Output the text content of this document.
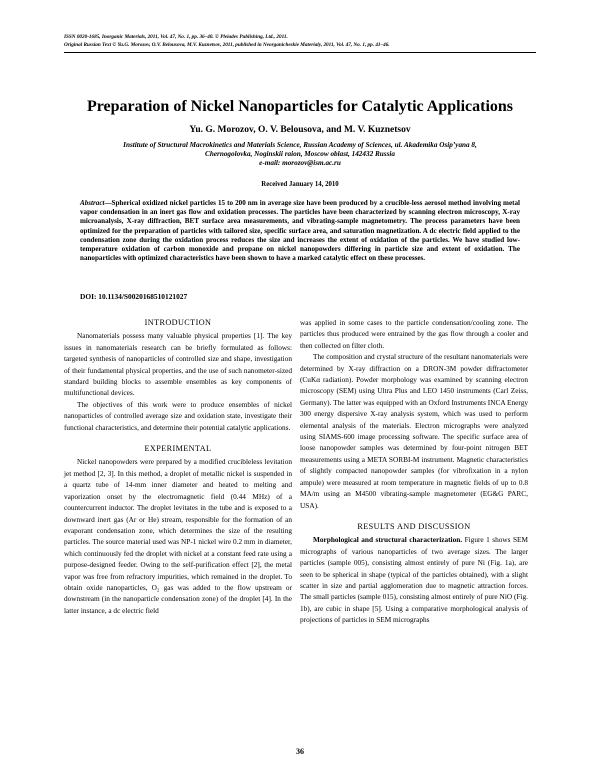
ISSN 0020-1685, Inorganic Materials, 2011, Vol. 47, No. 1, pp. 36–40. © Pleiades Publishing, Ltd., 2011.
Original Russian Text © Yu.G. Morozov, O.V. Belousova, M.V. Kuznetsov, 2011, published in Neorganicheskie Materialy, 2011, Vol. 47, No. 1, pp. 41–46.
Preparation of Nickel Nanoparticles for Catalytic Applications
Yu. G. Morozov, O. V. Belousova, and M. V. Kuznetsov
Institute of Structural Macrokinetics and Materials Science, Russian Academy of Sciences, ul. Akademika Osip’yana 8,
Chernogolovka, Noginskii raion, Moscow oblast, 142432 Russia
e-mail: morozov@ism.ac.ru
Received January 14, 2010
Abstract—Spherical oxidized nickel particles 15 to 200 nm in average size have been produced by a crucible-less aerosol method involving metal vapor condensation in an inert gas flow and oxidation processes. The particles have been characterized by scanning electron microscopy, X-ray microanalysis, X-ray diffraction, BET surface area measurements, and vibrating-sample magnetometry. The process parameters have been optimized for the preparation of particles with tailored size, specific surface area, and saturation magnetization. A dc electric field applied to the condensation zone during the oxidation process reduces the size and increases the extent of oxidation of the particles. We have studied low-temperature oxidation of carbon monoxide and propane on nickel nanopowders differing in particle size and extent of oxidation. The nanoparticles with optimized characteristics have been shown to have a marked catalytic effect on these processes.
DOI: 10.1134/S0020168510121027
INTRODUCTION

Nanomaterials possess many valuable physical properties [1]. The key issues in nanomaterials research can be briefly formulated as follows: targeted synthesis of nanoparticles of controlled size and shape, investigation of their fundamental physical properties, and the use of such nanometer-sized standard building blocks to assemble ensembles as key components of multifunctional devices.

The objectives of this work were to produce ensembles of nickel nanoparticles of controlled average size and oxidation state, investigate their functional characteristics, and determine their potential catalytic applications.

EXPERIMENTAL

Nickel nanopowders were prepared by a modified crucibleless levitation jet method [2, 3]. In this method, a droplet of metallic nickel is suspended in a quartz tube of 14-mm inner diameter and heated to melting and vaporization onset by the electromagnetic field (0.44 MHz) of a countercurrent inductor. The droplet levitates in the tube and is exposed to a downward inert gas (Ar or He) stream, responsible for the formation of an evaporant condensation zone, which determines the size of the resulting particles. The source material used was NP-1 nickel wire 0.2 mm in diameter, which continuously fed the droplet with nickel at a constant feed rate using a purpose-designed feeder. Owing to the self-purification effect [2], the metal vapor was free from refractory impurities, which remained in the droplet. To obtain oxide nanoparticles, O₂ gas was added to the flow upstream or downstream (in the nanoparticle condensation zone) of the droplet [4]. In the latter instance, a dc electric field

was applied in some cases to the particle condensation/cooling zone. The particles thus produced were entrained by the gas flow through a cooler and then collected on filter cloth.

The composition and crystal structure of the resultant nanomaterials were determined by X-ray diffraction on a DRON-3M powder diffractometer (CuKα radiation). Powder morphology was examined by scanning electron microscopy (SEM) using Ultra Plus and LEO 1450 instruments (Carl Zeiss, Germany). The latter was equipped with an Oxford Instruments INCA Energy 300 energy dispersive X-ray analysis system, which was used to perform elemental analysis of the materials. Electron micrographs were analyzed using SIAMS-600 image processing software. The specific surface area of loose nanopowder samples was determined by four-point nitrogen BET measurements using a META SORBI-M instrument. Magnetic characteristics of slightly compacted nanopowder samples (for vibrofixation in a nylon ampule) were measured at room temperature in magnetic fields of up to 0.8 MA/m using an M4500 vibrating-sample magnetometer (EG&G PARC, USA).

RESULTS AND DISCUSSION

Morphological and structural characterization. Figure 1 shows SEM micrographs of various nanoparticles of two average sizes. The larger particles (sample 005), consisting almost entirely of pure Ni (Fig. 1a), are seen to be spherical in shape (typical of the particles obtained), with a slight scatter in size and partial agglomeration due to magnetic attraction forces. The small particles (sample 015), consisting almost entirely of pure NiO (Fig. 1b), are cubic in shape [5]. Using a comparative morphological analysis of projections of particles in SEM micrographs

36
